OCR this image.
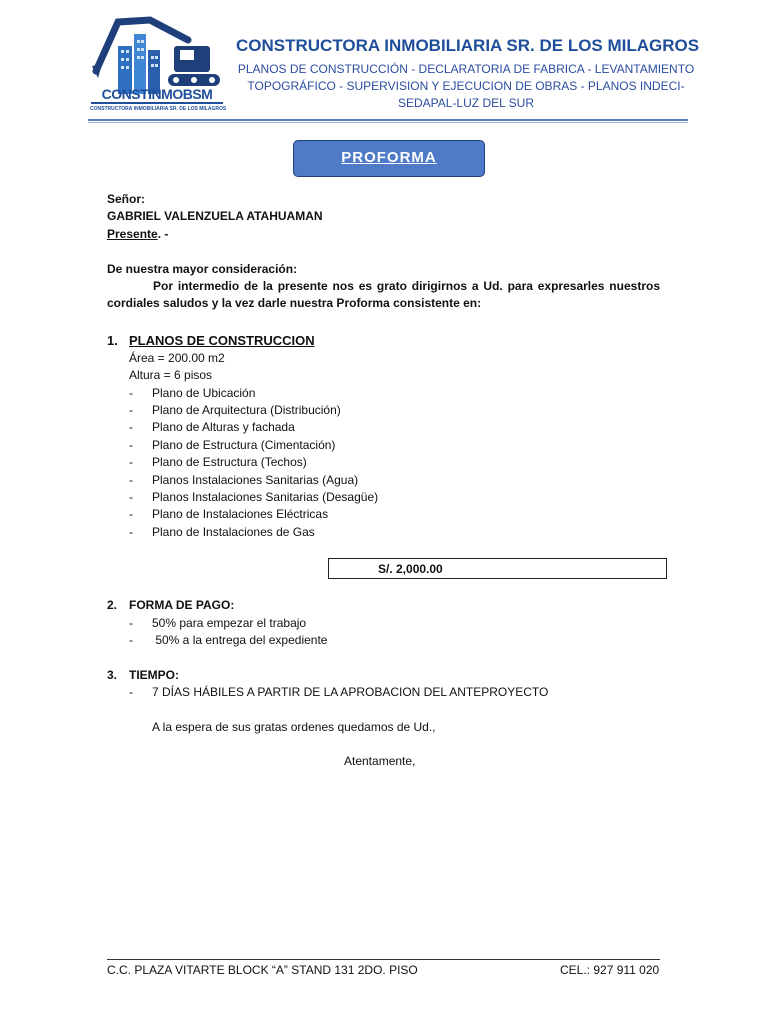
CONSTINMOBSM
CONSTRUCTORA INMOBILIARIA SR. DE LOS MILAGROS
CONSTRUCTORA INMOBILIARIA SR. DE LOS MILAGROS
PLANOS DE CONSTRUCCIÓN - DECLARATORIA DE FABRICA - LEVANTAMIENTO
TOPOGRÁFICO - SUPERVISION Y EJECUCION DE OBRAS - PLANOS INDECI-
SEDAPAL-LUZ DEL SUR
PROFORMA
Señor:
GABRIEL VALENZUELA ATAHUAMAN
Presente. -
De nuestra mayor consideración:
Por intermedio de la presente nos es grato dirigirnos a Ud. para expresarles nuestros cordiales saludos y la vez darle nuestra Proforma consistente en:
1. PLANOS DE CONSTRUCCION
Área = 200.00 m2
Altura = 6 pisos
- Plano de Ubicación
- Plano de Arquitectura (Distribución)
- Plano de Alturas y fachada
- Plano de Estructura (Cimentación)
- Plano de Estructura (Techos)
- Planos Instalaciones Sanitarias (Agua)
- Planos Instalaciones Sanitarias (Desagüe)
- Plano de Instalaciones Eléctricas
- Plano de Instalaciones de Gas
S/. 2,000.00
2. FORMA DE PAGO:
- 50% para empezar el trabajo
- 50% a la entrega del expediente
3. TIEMPO:
- 7 DÍAS HÁBILES A PARTIR DE LA APROBACION DEL ANTEPROYECTO
A la espera de sus gratas ordenes quedamos de Ud.,
Atentamente,
C.C. PLAZA VITARTE BLOCK “A” STAND 131 2DO. PISO	CEL.: 927 911 020
